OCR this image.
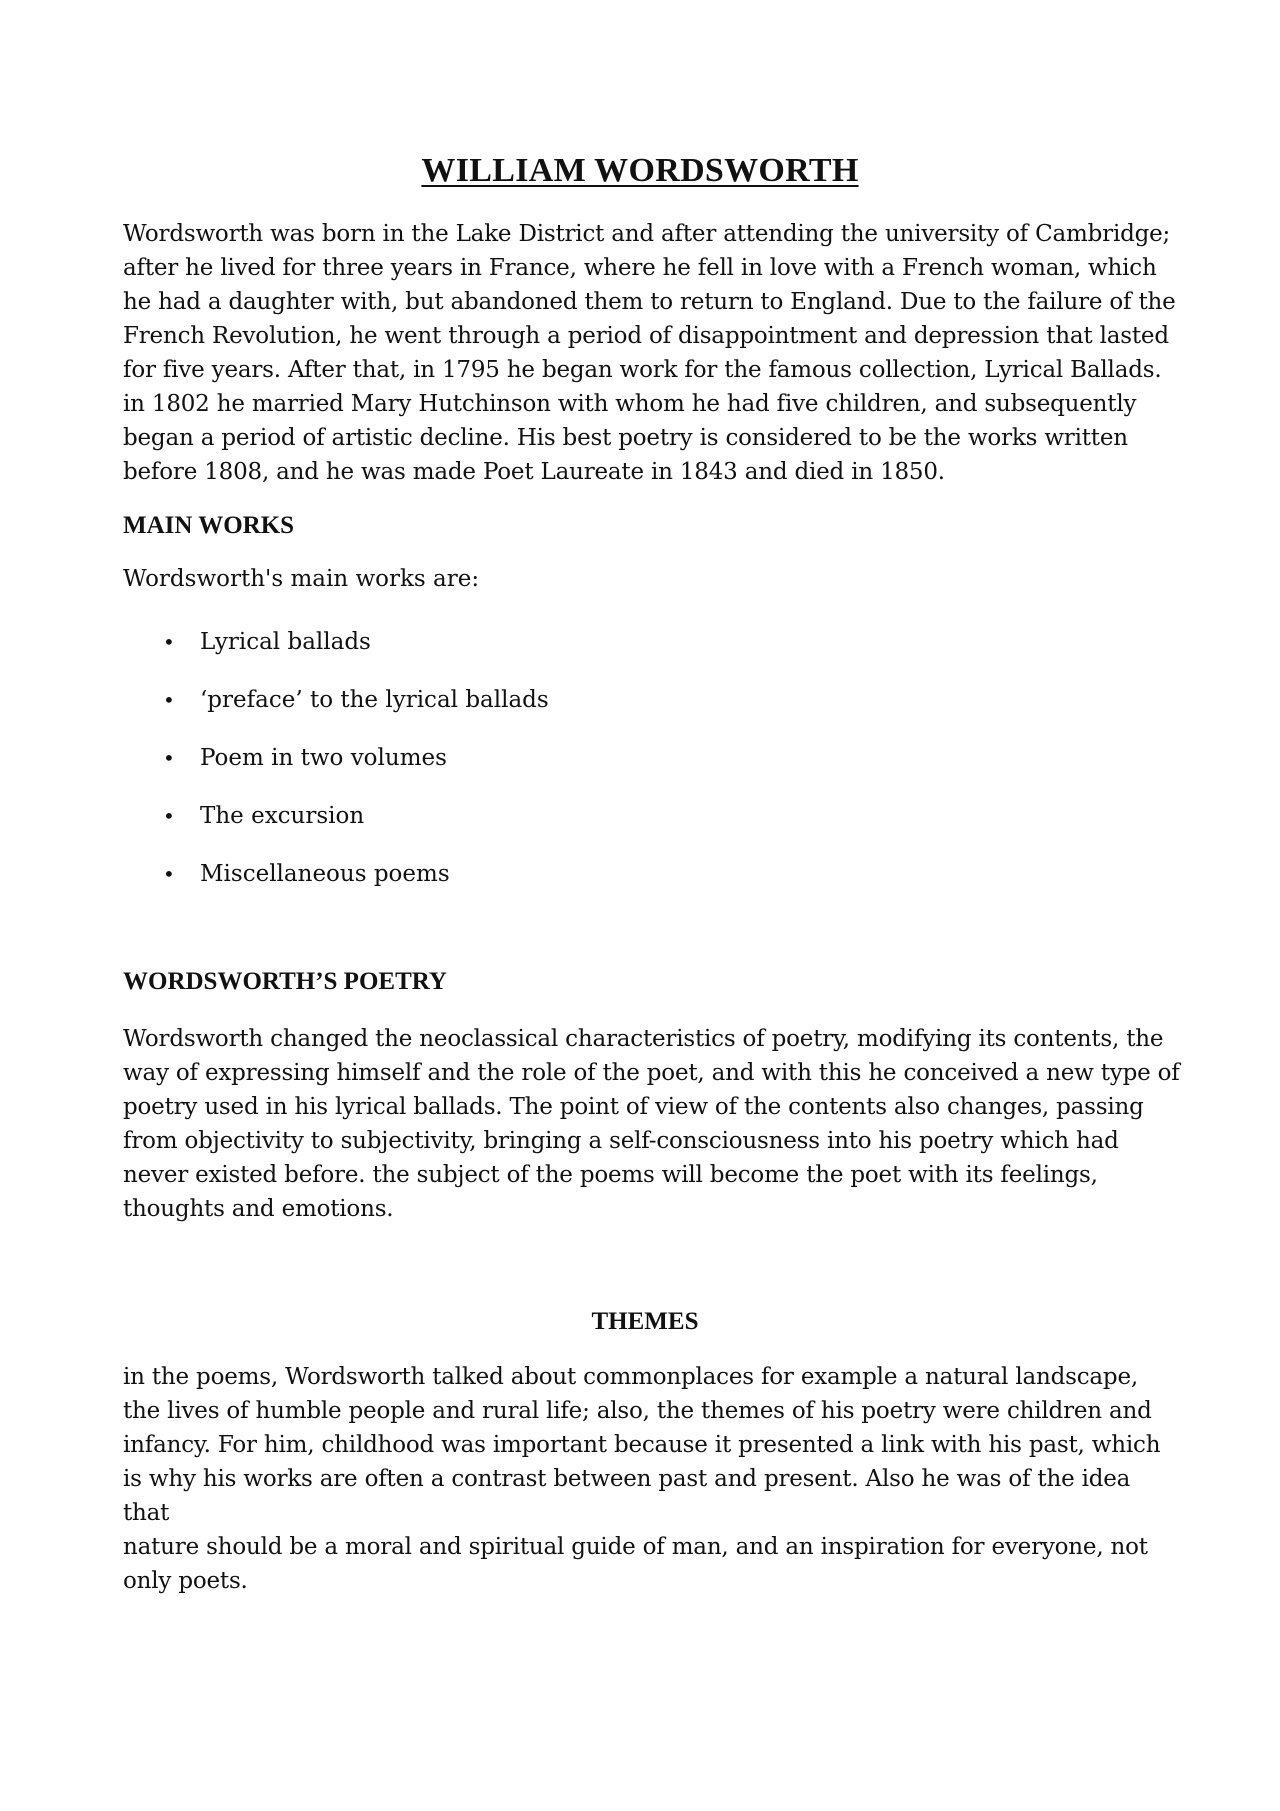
WILLIAM WORDSWORTH

Wordsworth was born in the Lake District and after attending the university of Cambridge;
after he lived for three years in France, where he fell in love with a French woman, which
he had a daughter with, but abandoned them to return to England. Due to the failure of the
French Revolution, he went through a period of disappointment and depression that lasted
for five years. After that, in 1795 he began work for the famous collection, Lyrical Ballads.
in 1802 he married Mary Hutchinson with whom he had five children, and subsequently
began a period of artistic decline. His best poetry is considered to be the works written
before 1808, and he was made Poet Laureate in 1843 and died in 1850.

MAIN WORKS

Wordsworth's main works are:

• Lyrical ballads
• ‘preface’ to the lyrical ballads
• Poem in two volumes
• The excursion
• Miscellaneous poems
WORDSWORTH’S POETRY

Wordsworth changed the neoclassical characteristics of poetry, modifying its contents, the
way of expressing himself and the role of the poet, and with this he conceived a new type of
poetry used in his lyrical ballads. The point of view of the contents also changes, passing
from objectivity to subjectivity, bringing a self-consciousness into his poetry which had
never existed before. the subject of the poems will become the poet with its feelings,
thoughts and emotions.

THEMES

in the poems, Wordsworth talked about commonplaces for example a natural landscape,
the lives of humble people and rural life; also, the themes of his poetry were children and
infancy. For him, childhood was important because it presented a link with his past, which
is why his works are often a contrast between past and present. Also he was of the idea that
nature should be a moral and spiritual guide of man, and an inspiration for everyone, not
only poets.
